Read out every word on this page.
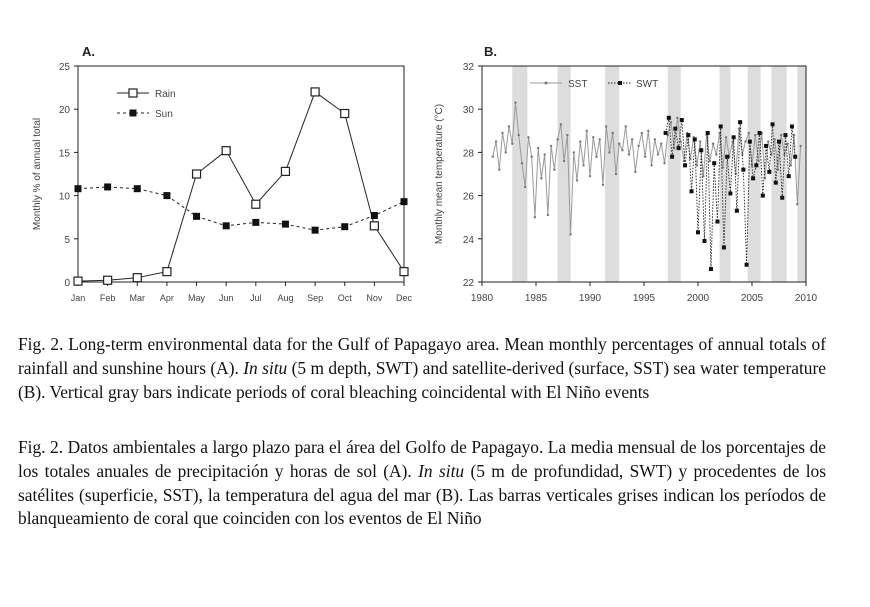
A.
0
5
10
15
20
25
Jan Feb Mar Apr May Jun Jul Aug Sep Oct Nov Dec
Monthly % of annual total
Rain
Sun
B.
22
24
26
28
30
32
1980	1985	1990	1995	2000	2005	2010
Monthly mean temperature (°C)
SST	SWT
Fig. 2. Long-term environmental data for the Gulf of Papagayo area. Mean monthly percentages of annual totals of rainfall and sunshine hours (A). In situ (5 m depth, SWT) and satellite-derived (surface, SST) sea water temperature (B). Vertical gray bars indicate periods of coral bleaching coincidental with El Niño events
Fig. 2. Datos ambientales a largo plazo para el área del Golfo de Papagayo. La media mensual de los porcentajes de los totales anuales de precipitación y horas de sol (A). In situ (5 m de profundidad, SWT) y procedentes de los satélites (superficie, SST), la temperatura del agua del mar (B). Las barras verticales grises indican los períodos de blanqueamiento de coral que coinciden con los eventos de El Niño
